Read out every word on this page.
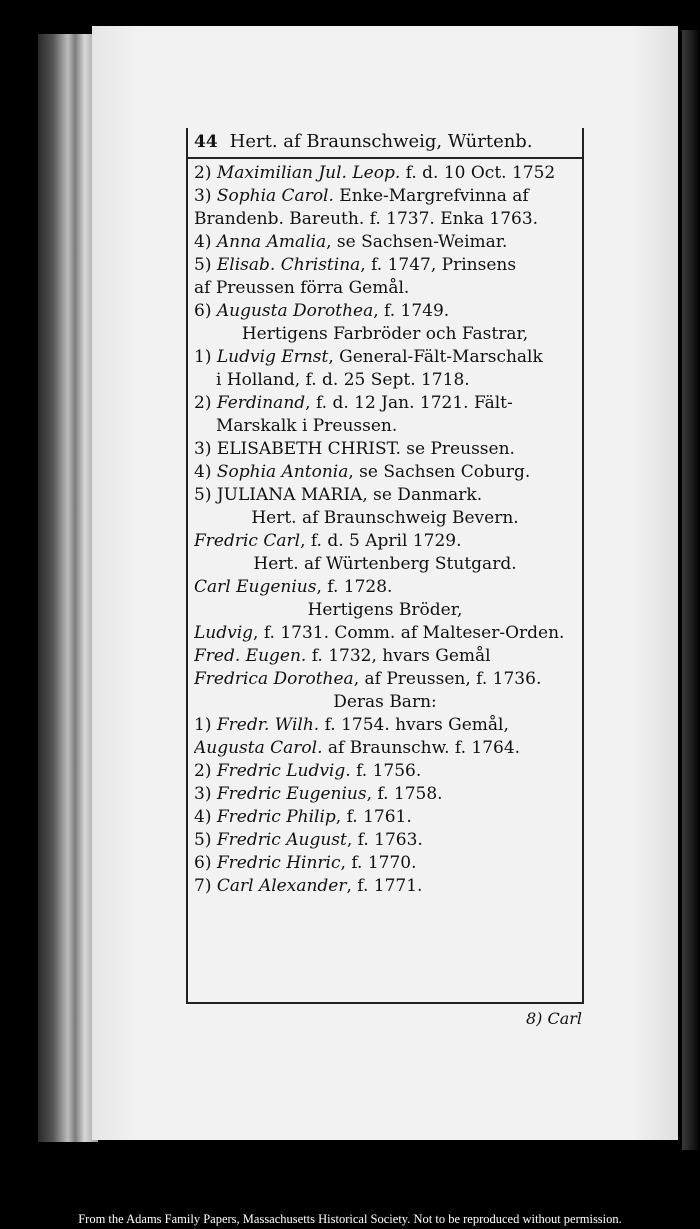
44 Hert. af Braunschweig, Würtenb.
2) Maximilian Jul. Leop. f. d. 10 Oct. 1752
3) Sophia Carol. Enke-Margrefvinna af
Brandenb. Bareuth. f. 1737. Enka 1763.
4) Anna Amalia, se Sachsen-Weimar.
5) Elisab. Christina, f. 1747, Prinsens
af Preussen förra Gemål.
6) Augusta Dorothea, f. 1749.
Hertigens Farbröder och Fastrar,
1) Ludvig Ernst, General-Fält-Marschalk
i Holland, f. d. 25 Sept. 1718.
2) Ferdinand, f. d. 12 Jan. 1721. Fält-
Marskalk i Preussen.
3) ELISABETH CHRIST. se Preussen.
4) Sophia Antonia, se Sachsen Coburg.
5) JULIANA MARIA, se Danmark.
Hert. af Braunschweig Bevern.
Fredric Carl, f. d. 5 April 1729.
Hert. af Würtenberg Stutgard.
Carl Eugenius, f. 1728.
Hertigens Bröder,
Ludvig, f. 1731. Comm. af Malteser-Orden.
Fred. Eugen. f. 1732, hvars Gemål
Fredrica Dorothea, af Preussen, f. 1736.
Deras Barn:
1) Fredr. Wilh. f. 1754. hvars Gemål,
Augusta Carol. af Braunschw. f. 1764.
2) Fredric Ludvig. f. 1756.
3) Fredric Eugenius, f. 1758.
4) Fredric Philip, f. 1761.
5) Fredric August, f. 1763.
6) Fredric Hinric, f. 1770.
7) Carl Alexander, f. 1771.
8) Carl
From the Adams Family Papers, Massachusetts Historical Society. Not to be reproduced without permission.
